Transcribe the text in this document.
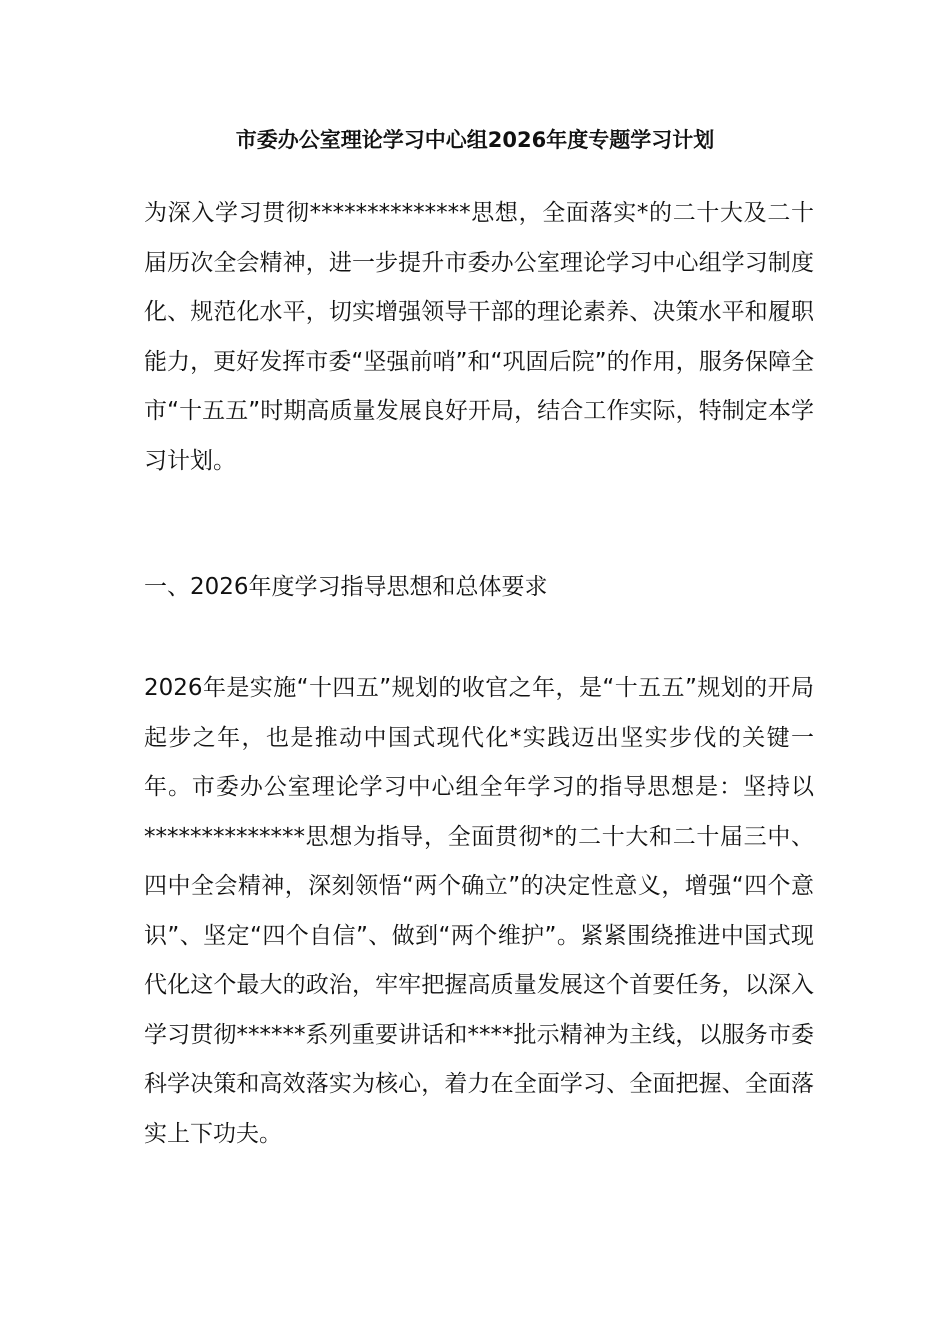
市委办公室理论学习中心组2026年度专题学习计划

为深入学习贯彻**************思想，全面落实*的二十大及二十届历次全会精神，进一步提升市委办公室理论学习中心组学习制度化、规范化水平，切实增强领导干部的理论素养、决策水平和履职能力，更好发挥市委“坚强前哨”和“巩固后院”的作用，服务保障全市“十五五”时期高质量发展良好开局，结合工作实际，特制定本学习计划。

一、2026年度学习指导思想和总体要求

2026年是实施“十四五”规划的收官之年，是“十五五”规划的开局起步之年，也是推动中国式现代化*实践迈出坚实步伐的关键一年。市委办公室理论学习中心组全年学习的指导思想是：坚持以**************思想为指导，全面贯彻*的二十大和二十届三中、四中全会精神，深刻领悟“两个确立”的决定性意义，增强“四个意识”、坚定“四个自信”、做到“两个维护”。紧紧围绕推进中国式现代化这个最大的政治，牢牢把握高质量发展这个首要任务，以深入学习贯彻******系列重要讲话和****批示精神为主线，以服务市委科学决策和高效落实为核心，着力在全面学习、全面把握、全面落实上下功夫。
